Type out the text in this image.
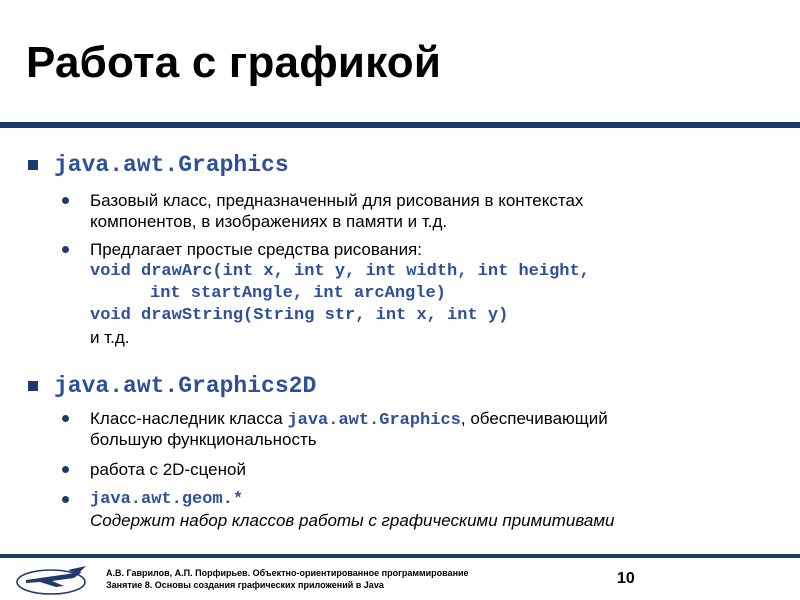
Работа с графикой
java.awt.Graphics
Базовый класс, предназначенный для рисования в контекстах
компонентов, в изображениях в памяти и т.д.
Предлагает простые средства рисования:
void drawArc(int x, int y, int width, int height,
int startAngle, int arcAngle)
void drawString(String str, int x, int y)
и т.д.
java.awt.Graphics2D
Класс-наследник класса java.awt.Graphics, обеспечивающий
большую функциональность
работа с 2D-сценой
java.awt.geom.*
Содержит набор классов работы с графическими примитивами
А.В. Гаврилов, А.П. Порфирьев. Объектно-ориентированное программирование
Занятие 8. Основы создания графических приложений в Java	10
